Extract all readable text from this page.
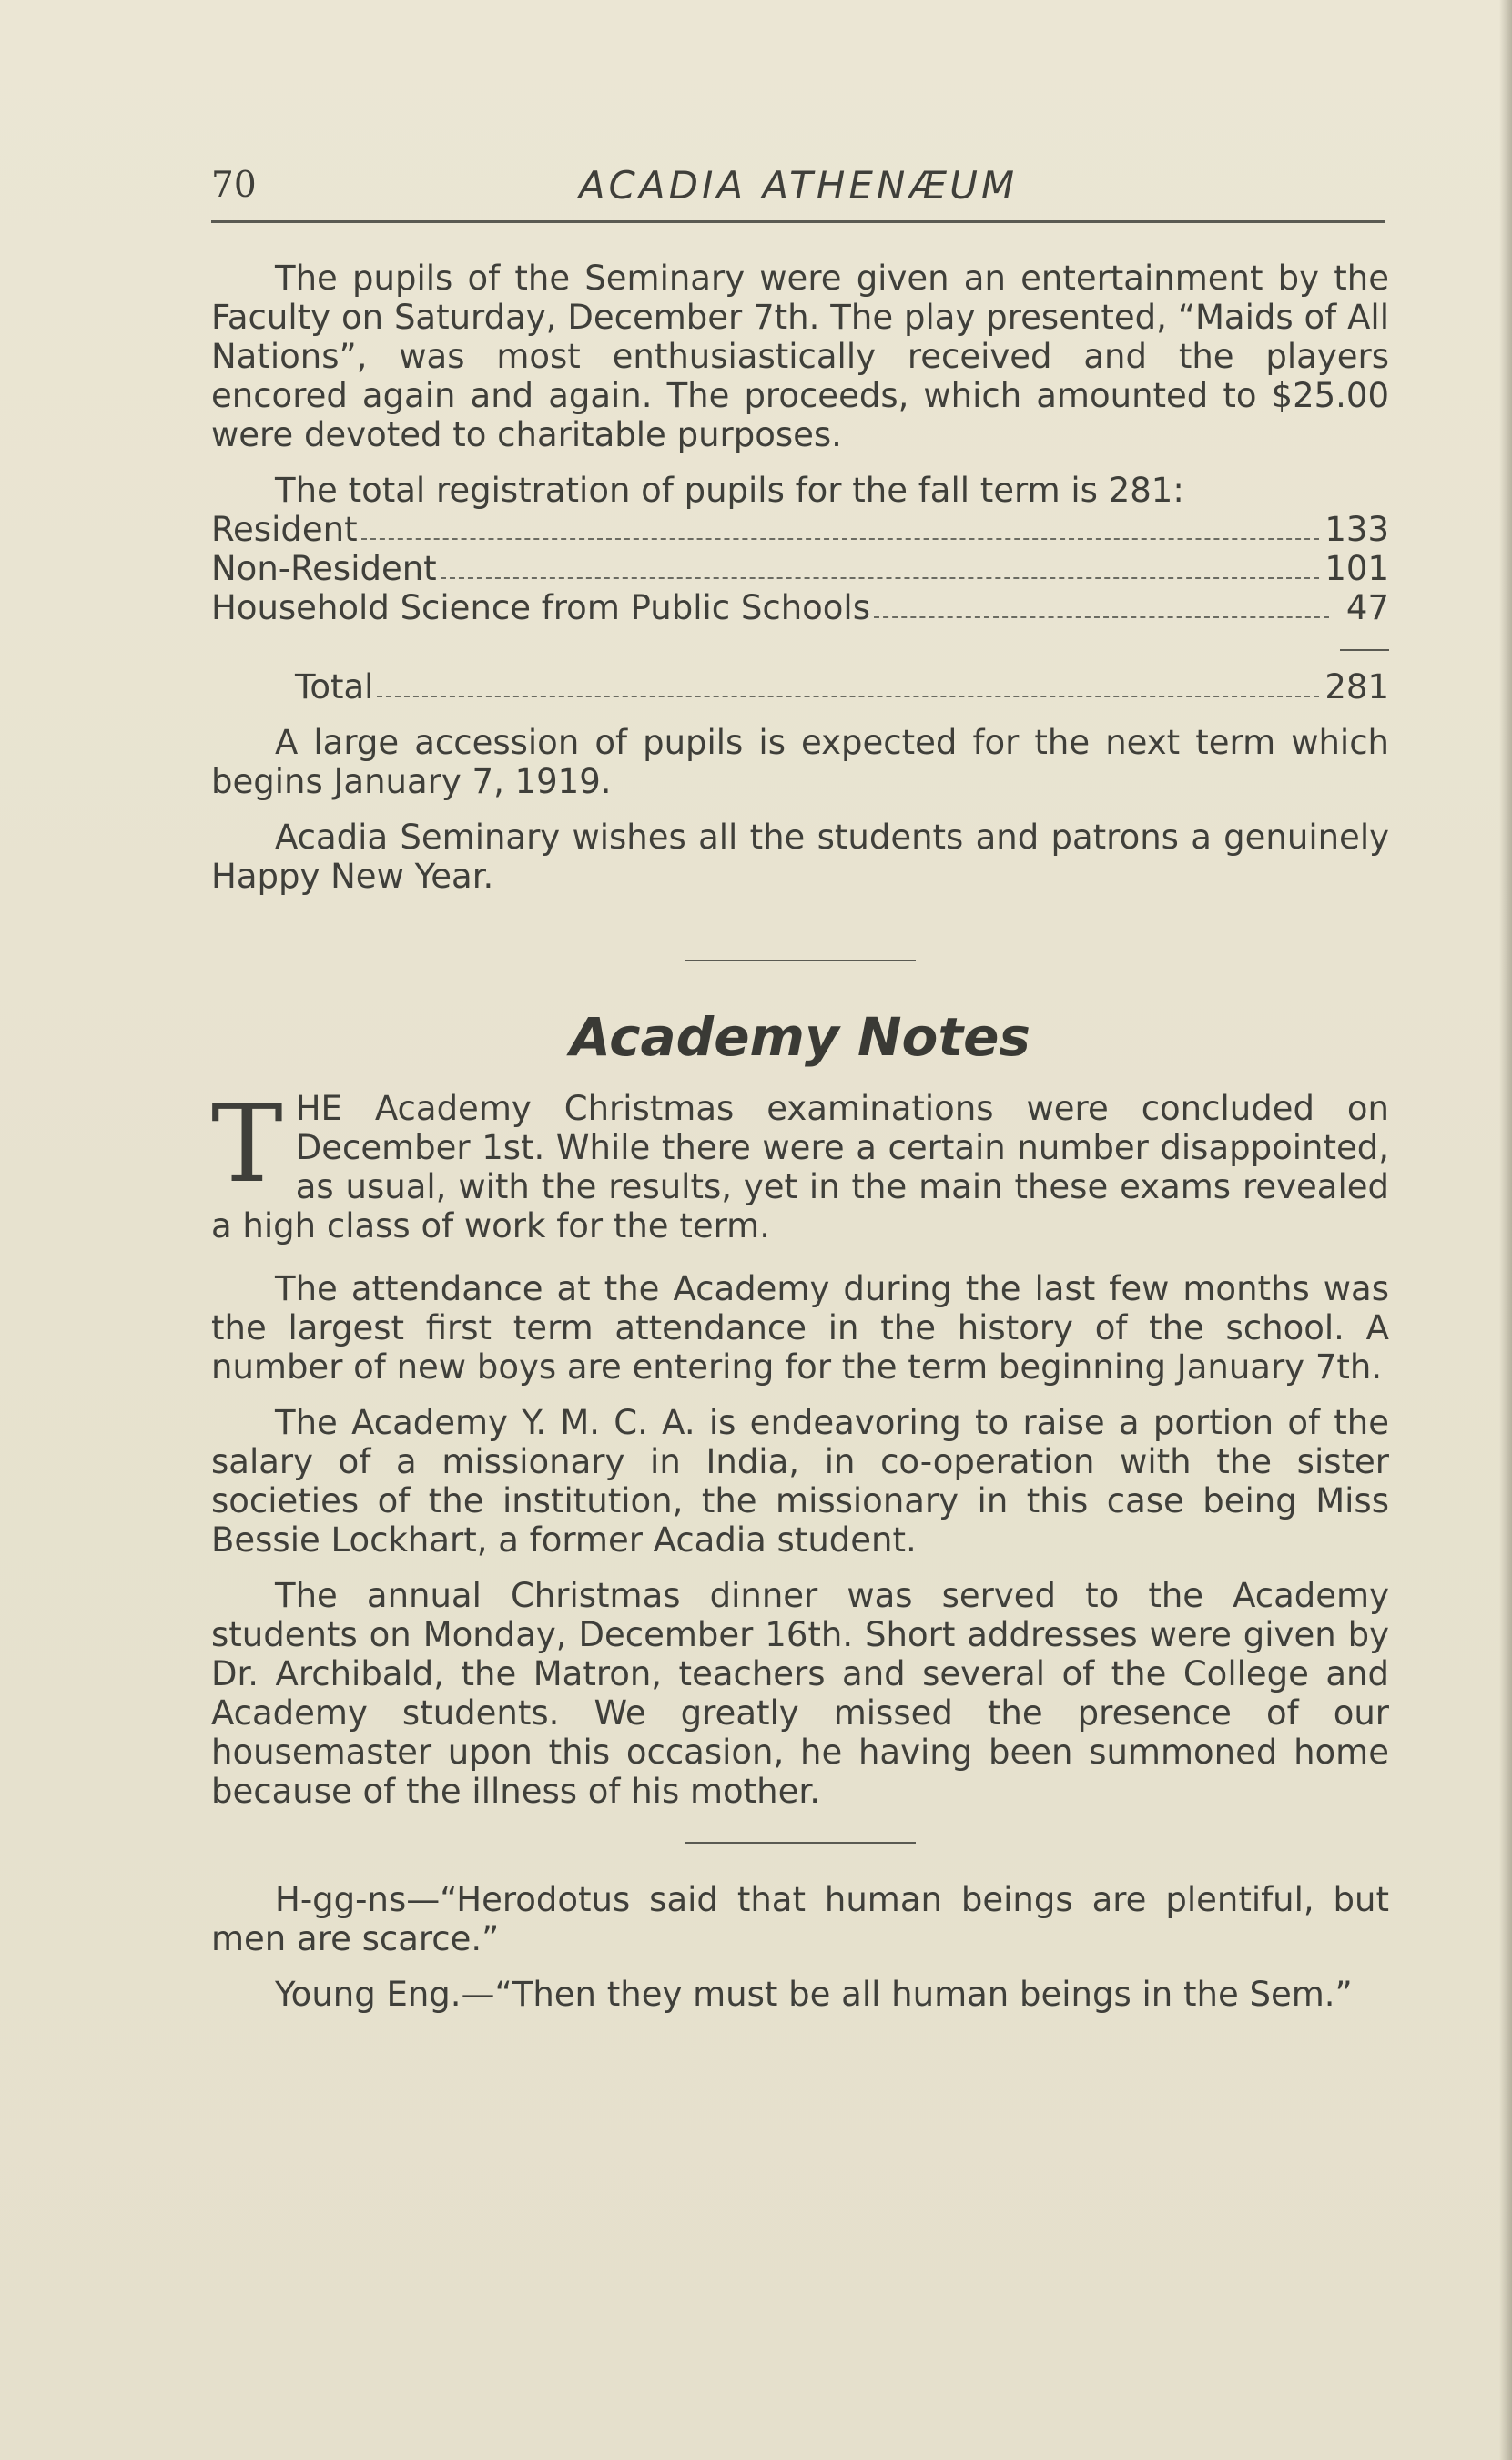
70	ACADIA ATHENÆUM

The pupils of the Seminary were given an entertainment by the Faculty on Saturday, December 7th. The play presented, “Maids of All Nations”, was most enthusiastically received and the players encored again and again. The proceeds, which amounted to $25.00 were devoted to charitable purposes.

The total registration of pupils for the fall term is 281:

Resident	133
Non-Resident	101
Household Science from Public Schools	47
Total	281

A large accession of pupils is expected for the next term which begins January 7, 1919.

Acadia Seminary wishes all the students and patrons a genuinely Happy New Year.

Academy Notes
T HE Academy Christmas examinations were concluded on December 1st. While there were a certain number disappointed, as usual, with the results, yet in the main these exams revealed a high class of work for the term.

The attendance at the Academy during the last few months was the largest first term attendance in the history of the school. A number of new boys are entering for the term beginning January 7th.

The Academy Y. M. C. A. is endeavoring to raise a portion of the salary of a missionary in India, in co-operation with the sister societies of the institution, the missionary in this case being Miss Bessie Lockhart, a former Acadia student.

The annual Christmas dinner was served to the Academy students on Monday, December 16th. Short addresses were given by Dr. Archibald, the Matron, teachers and several of the College and Academy students. We greatly missed the presence of our housemaster upon this occasion, he having been summoned home because of the illness of his mother.

H-gg-ns—“Herodotus said that human beings are plentiful, but men are scarce.”

Young Eng.—“Then they must be all human beings in the Sem.”
